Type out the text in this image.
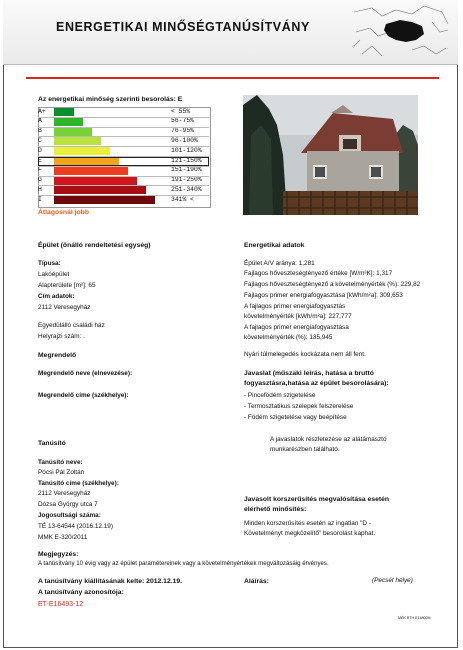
ENERGETIKAI MINŐSÉGTANÚSÍTVÁNY
Az energetikai minőség szerinti besorolás: E
A+	< 55%
A	56-75%
B	76-95%
C	96-100%
D	101-120%
E	121-150%
F	151-190%
G	191-250%
H	251-340%
I	341% <
Átlagosnál jobb
Épület (önálló rendeltetési egység)
Típusa:
Lakóépület
Alapterülete [m²]: 65
Cím adatok:
2112 Veresegyház
Egyedülálló családi ház
Helyrajzi szám: .
Energetikai adatok
Épület A/V aránya: 1,281
Fajlagos hőveszteségtényező értéke [W/m³K]: 1,317
Fajlagos hőveszteségtényező a követelményérték (%): 229,82
Fajlagos primer energiafogyasztása [kWh/m²a]: 309,653
A fajlagos primer energiafogyasztás
követelményérték [kWh/m²a]: 227,777
A fajlagos primer energiafogyasztása
követelményérték (%): 135,945
Nyári túlmelegedés kockázata nem áll fent.
Megrendelő
Megrendelő neve (elnevezése):
Megrendelő címe (székhelye):
Javaslat (műszaki leírás, hatása a bruttó
fogyasztásra,hatása az épület besorolására):
- Pincefödém szigetelése
- Termosztatikus szelepek felszerelése
- Födém szigetelése vagy beépítése
A javaslatok részletezése az alátámasztó
munkarészben található.
Tanúsító
Tanúsító neve:
Pócsi Pál Zoltán
Tanúsító címe (székhelye):
2112 Veresegyház
Dózsa György utca 7
Jogosultsági száma:
TÉ 13-64544 (2016.12.19)
MMK E-320/2011
Javasolt korszerűsítés megvalósítása esetén
elérhető minősítés:
Minden korszerűsítés esetén az ingatlan "D -
Követelményt megközelítő" besorolást kaphat.
Megjegyzés:
A tanúsítvány 10 évig vagy az épület paramétereinek vagy a követelményértékek megváltozásáig érvényes.
A tanúsítvány kiállításának kelte: 2012.12.19.	Aláírás:	(Pecsét helye)
A tanúsítvány azonosítója:
ET-E16493-12
MÉK RTH E14802M
